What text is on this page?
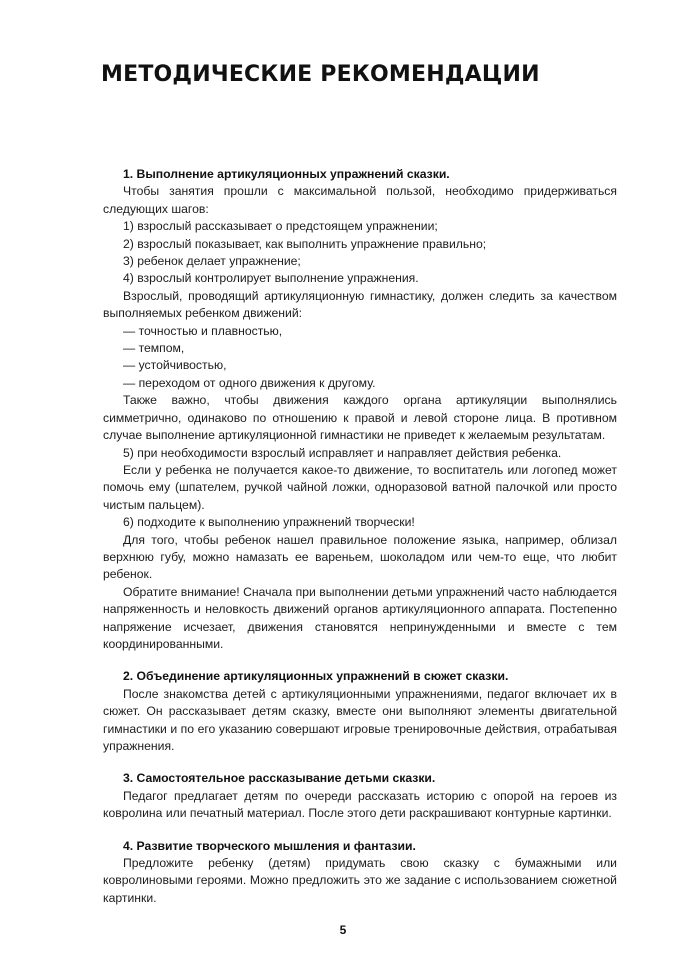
МЕТОДИЧЕСКИЕ РЕКОМЕНДАЦИИ
1. Выполнение артикуляционных упражнений сказки.

Чтобы занятия прошли с максимальной пользой, необходимо придерживаться следующих шагов:

1) взрослый рассказывает о предстоящем упражнении;

2) взрослый показывает, как выполнить упражнение правильно;

3) ребенок делает упражнение;

4) взрослый контролирует выполнение упражнения.

Взрослый, проводящий артикуляционную гимнастику, должен следить за качеством выполняемых ребенком движений:

— точностью и плавностью,

— темпом,

— устойчивостью,

— переходом от одного движения к другому.

Также важно, чтобы движения каждого органа артикуляции выполнялись симметрично, одинаково по отношению к правой и левой стороне лица. В противном случае выполнение артикуляционной гимнастики не приведет к желаемым результатам.

5) при необходимости взрослый исправляет и направляет действия ребенка.

Если у ребенка не получается какое-то движение, то воспитатель или логопед может помочь ему (шпателем, ручкой чайной ложки, одноразовой ватной палочкой или просто чистым пальцем).

6) подходите к выполнению упражнений творчески!

Для того, чтобы ребенок нашел правильное положение языка, например, облизал верхнюю губу, можно намазать ее вареньем, шоколадом или чем-то еще, что любит ребенок.

Обратите внимание! Сначала при выполнении детьми упражнений часто наблюдается напряженность и неловкость движений органов артикуляционного аппарата. Постепенно напряжение исчезает, движения становятся непринужденными и вместе с тем координированными.

2. Объединение артикуляционных упражнений в сюжет сказки.

После знакомства детей с артикуляционными упражнениями, педагог включает их в сюжет. Он рассказывает детям сказку, вместе они выполняют элементы двигательной гимнастики и по его указанию совершают игровые тренировочные действия, отрабатывая упражнения.

3. Самостоятельное рассказывание детьми сказки.

Педагог предлагает детям по очереди рассказать историю с опорой на героев из ковролина или печатный материал. После этого дети раскрашивают контурные картинки.

4. Развитие творческого мышления и фантазии.

Предложите ребенку (детям) придумать свою сказку с бумажными или ковролиновыми героями. Можно предложить это же задание с использованием сюжетной картинки.

5
